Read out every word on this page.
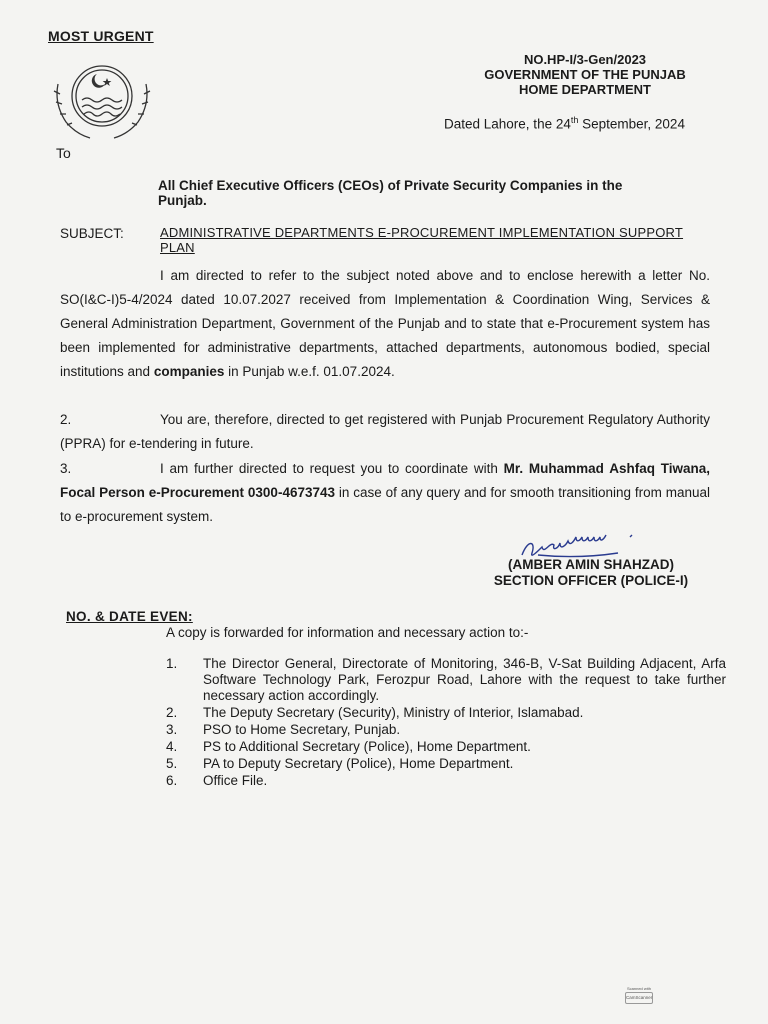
MOST URGENT
NO.HP-I/3-Gen/2023
GOVERNMENT OF THE PUNJAB
HOME DEPARTMENT
Dated Lahore, the 24th September, 2024
To
All Chief Executive Officers (CEOs) of Private Security Companies in the Punjab.
SUBJECT:	ADMINISTRATIVE DEPARTMENTS E-PROCUREMENT IMPLEMENTATION SUPPORT PLAN
I am directed to refer to the subject noted above and to enclose herewith a letter No. SO(I&C-I)5-4/2024 dated 10.07.2027 received from Implementation & Coordination Wing, Services & General Administration Department, Government of the Punjab and to state that e-Procurement system has been implemented for administrative departments, attached departments, autonomous bodied, special institutions and companies in Punjab w.e.f. 01.07.2024.
2.	You are, therefore, directed to get registered with Punjab Procurement Regulatory Authority (PPRA) for e-tendering in future.
3.	I am further directed to request you to coordinate with Mr. Muhammad Ashfaq Tiwana, Focal Person e-Procurement 0300-4673743 in case of any query and for smooth transitioning from manual to e-procurement system.
(AMBER AMIN SHAHZAD)
SECTION OFFICER (POLICE-I)
NO. & DATE EVEN:
A copy is forwarded for information and necessary action to:-
1. The Director General, Directorate of Monitoring, 346-B, V-Sat Building Adjacent, Arfa Software Technology Park, Ferozpur Road, Lahore with the request to take further necessary action accordingly.
2. The Deputy Secretary (Security), Ministry of Interior, Islamabad.
3. PSO to Home Secretary, Punjab.
4. PS to Additional Secretary (Police), Home Department.
5. PA to Deputy Secretary (Police), Home Department.
6. Office File.
Scanned with
CamScanner
